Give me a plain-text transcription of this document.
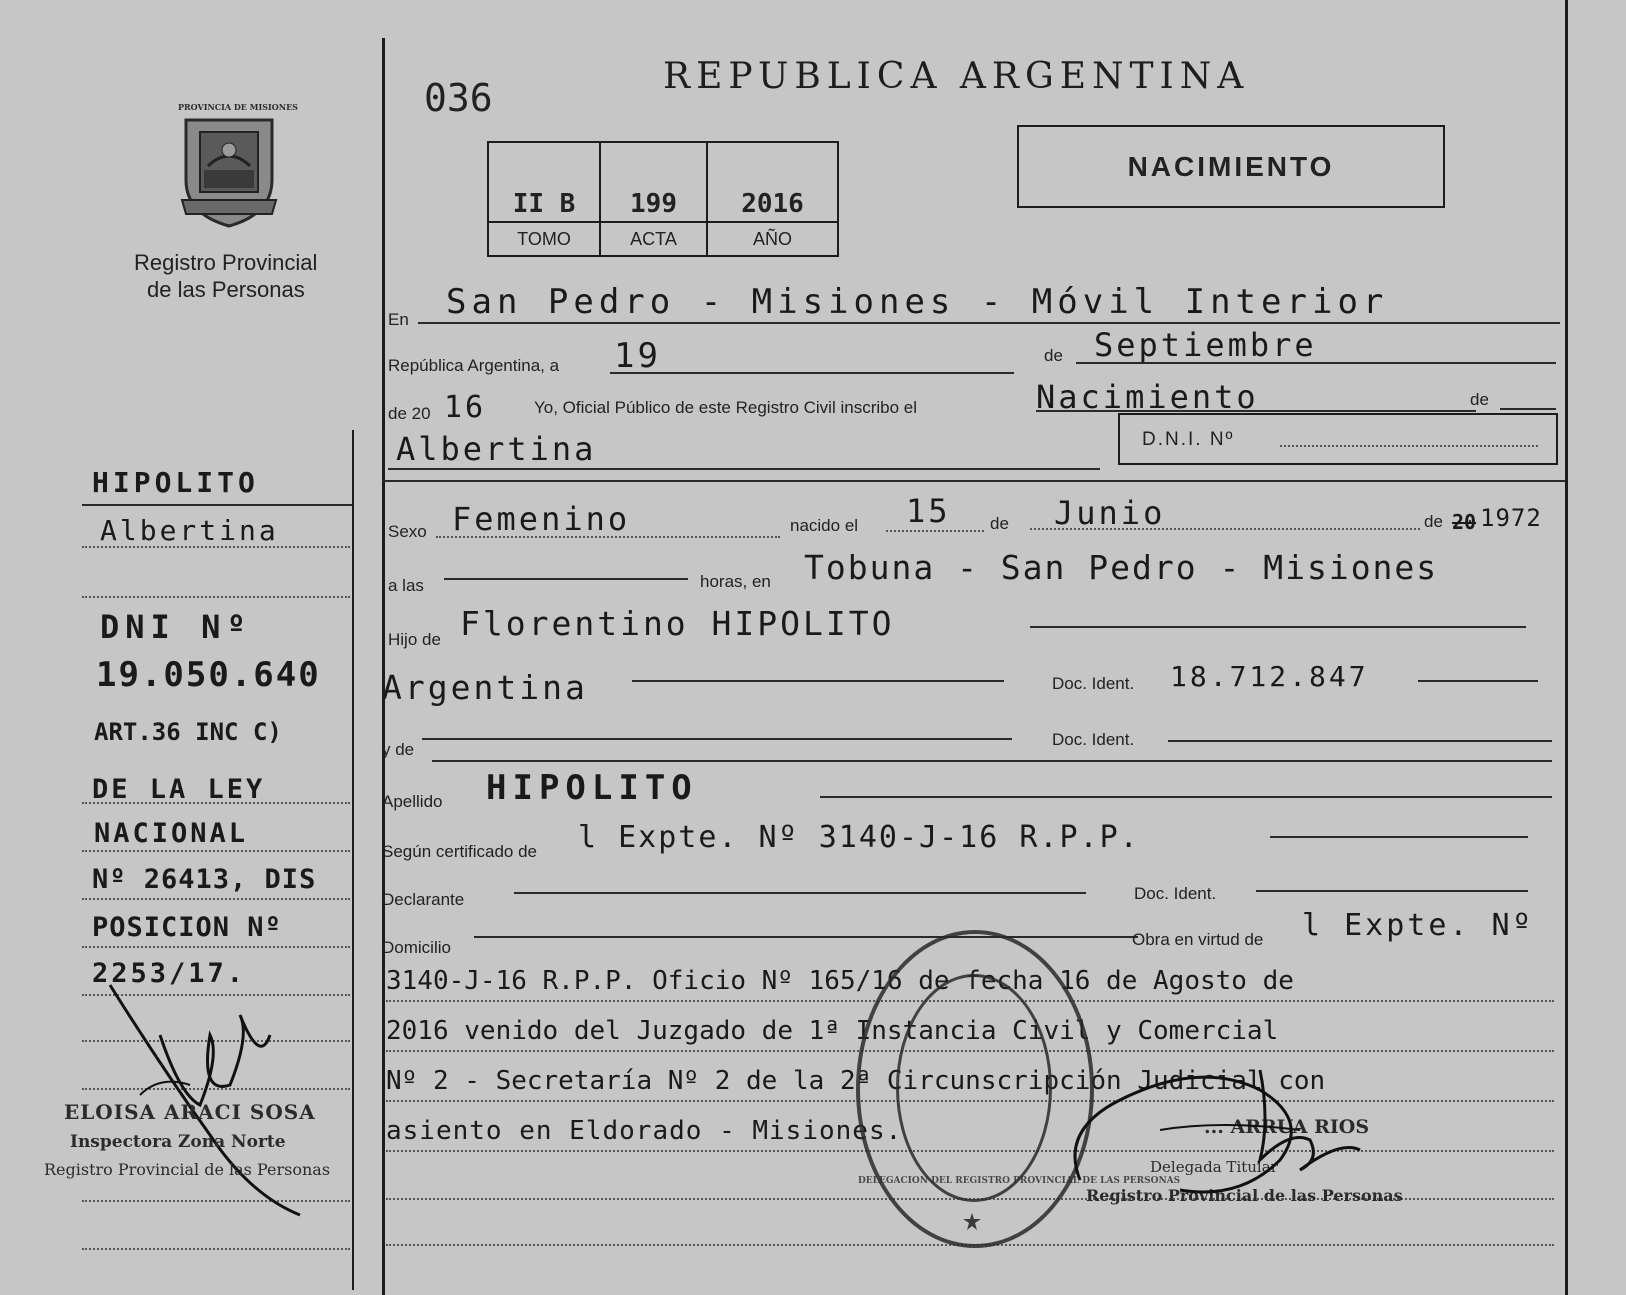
PROVINCIA DE MISIONES
Registro Provincial
de las Personas
HIPOLITO
Albertina
DNI Nº
19.050.640
ART.36 INC C)
DE LA LEY
NACIONAL
Nº 26413, DIS
POSICION Nº
2253/17.
ELOISA ARACI SOSA
Inspectora Zona Norte
Registro Provincial de las Personas
036	REPUBLICA ARGENTINA
II B	199	2016
TOMO	ACTA	AÑO
NACIMIENTO
En San Pedro - Misiones - Móvil Interior
República Argentina, a 19	de Septiembre
de 20 16	Yo, Oficial Público de este Registro Civil inscribo el	Nacimiento	de
Albertina	D.N.I. Nº
Sexo Femenino	nacido el 15 de Junio	de 20 1972
a las	horas, en Tobuna - San Pedro - Misiones
Hijo de Florentino HIPOLITO
Argentina	Doc. Ident. 18.712.847
y de
Doc. Ident.
Apellido HIPOLITO
Según certificado de l Expte. Nº 3140-J-16 R.P.P.
Declarante	Doc. Ident.
Domicilio	Obra en virtud de l Expte. Nº
3140-J-16 R.P.P. Oficio Nº 165/16 de fecha 16 de Agosto de
2016 venido del Juzgado de 1ª Instancia Civil y Comercial
Nº 2 - Secretaría Nº 2 de la 2ª Circunscripción Judicial con
asiento en Eldorado - Misiones.
DELEGACION DEL REGISTRO PROVINCIAL DE LAS PERSONAS
... ARRUA RIOS
Delegada Titular
Registro Provincial de las Personas
